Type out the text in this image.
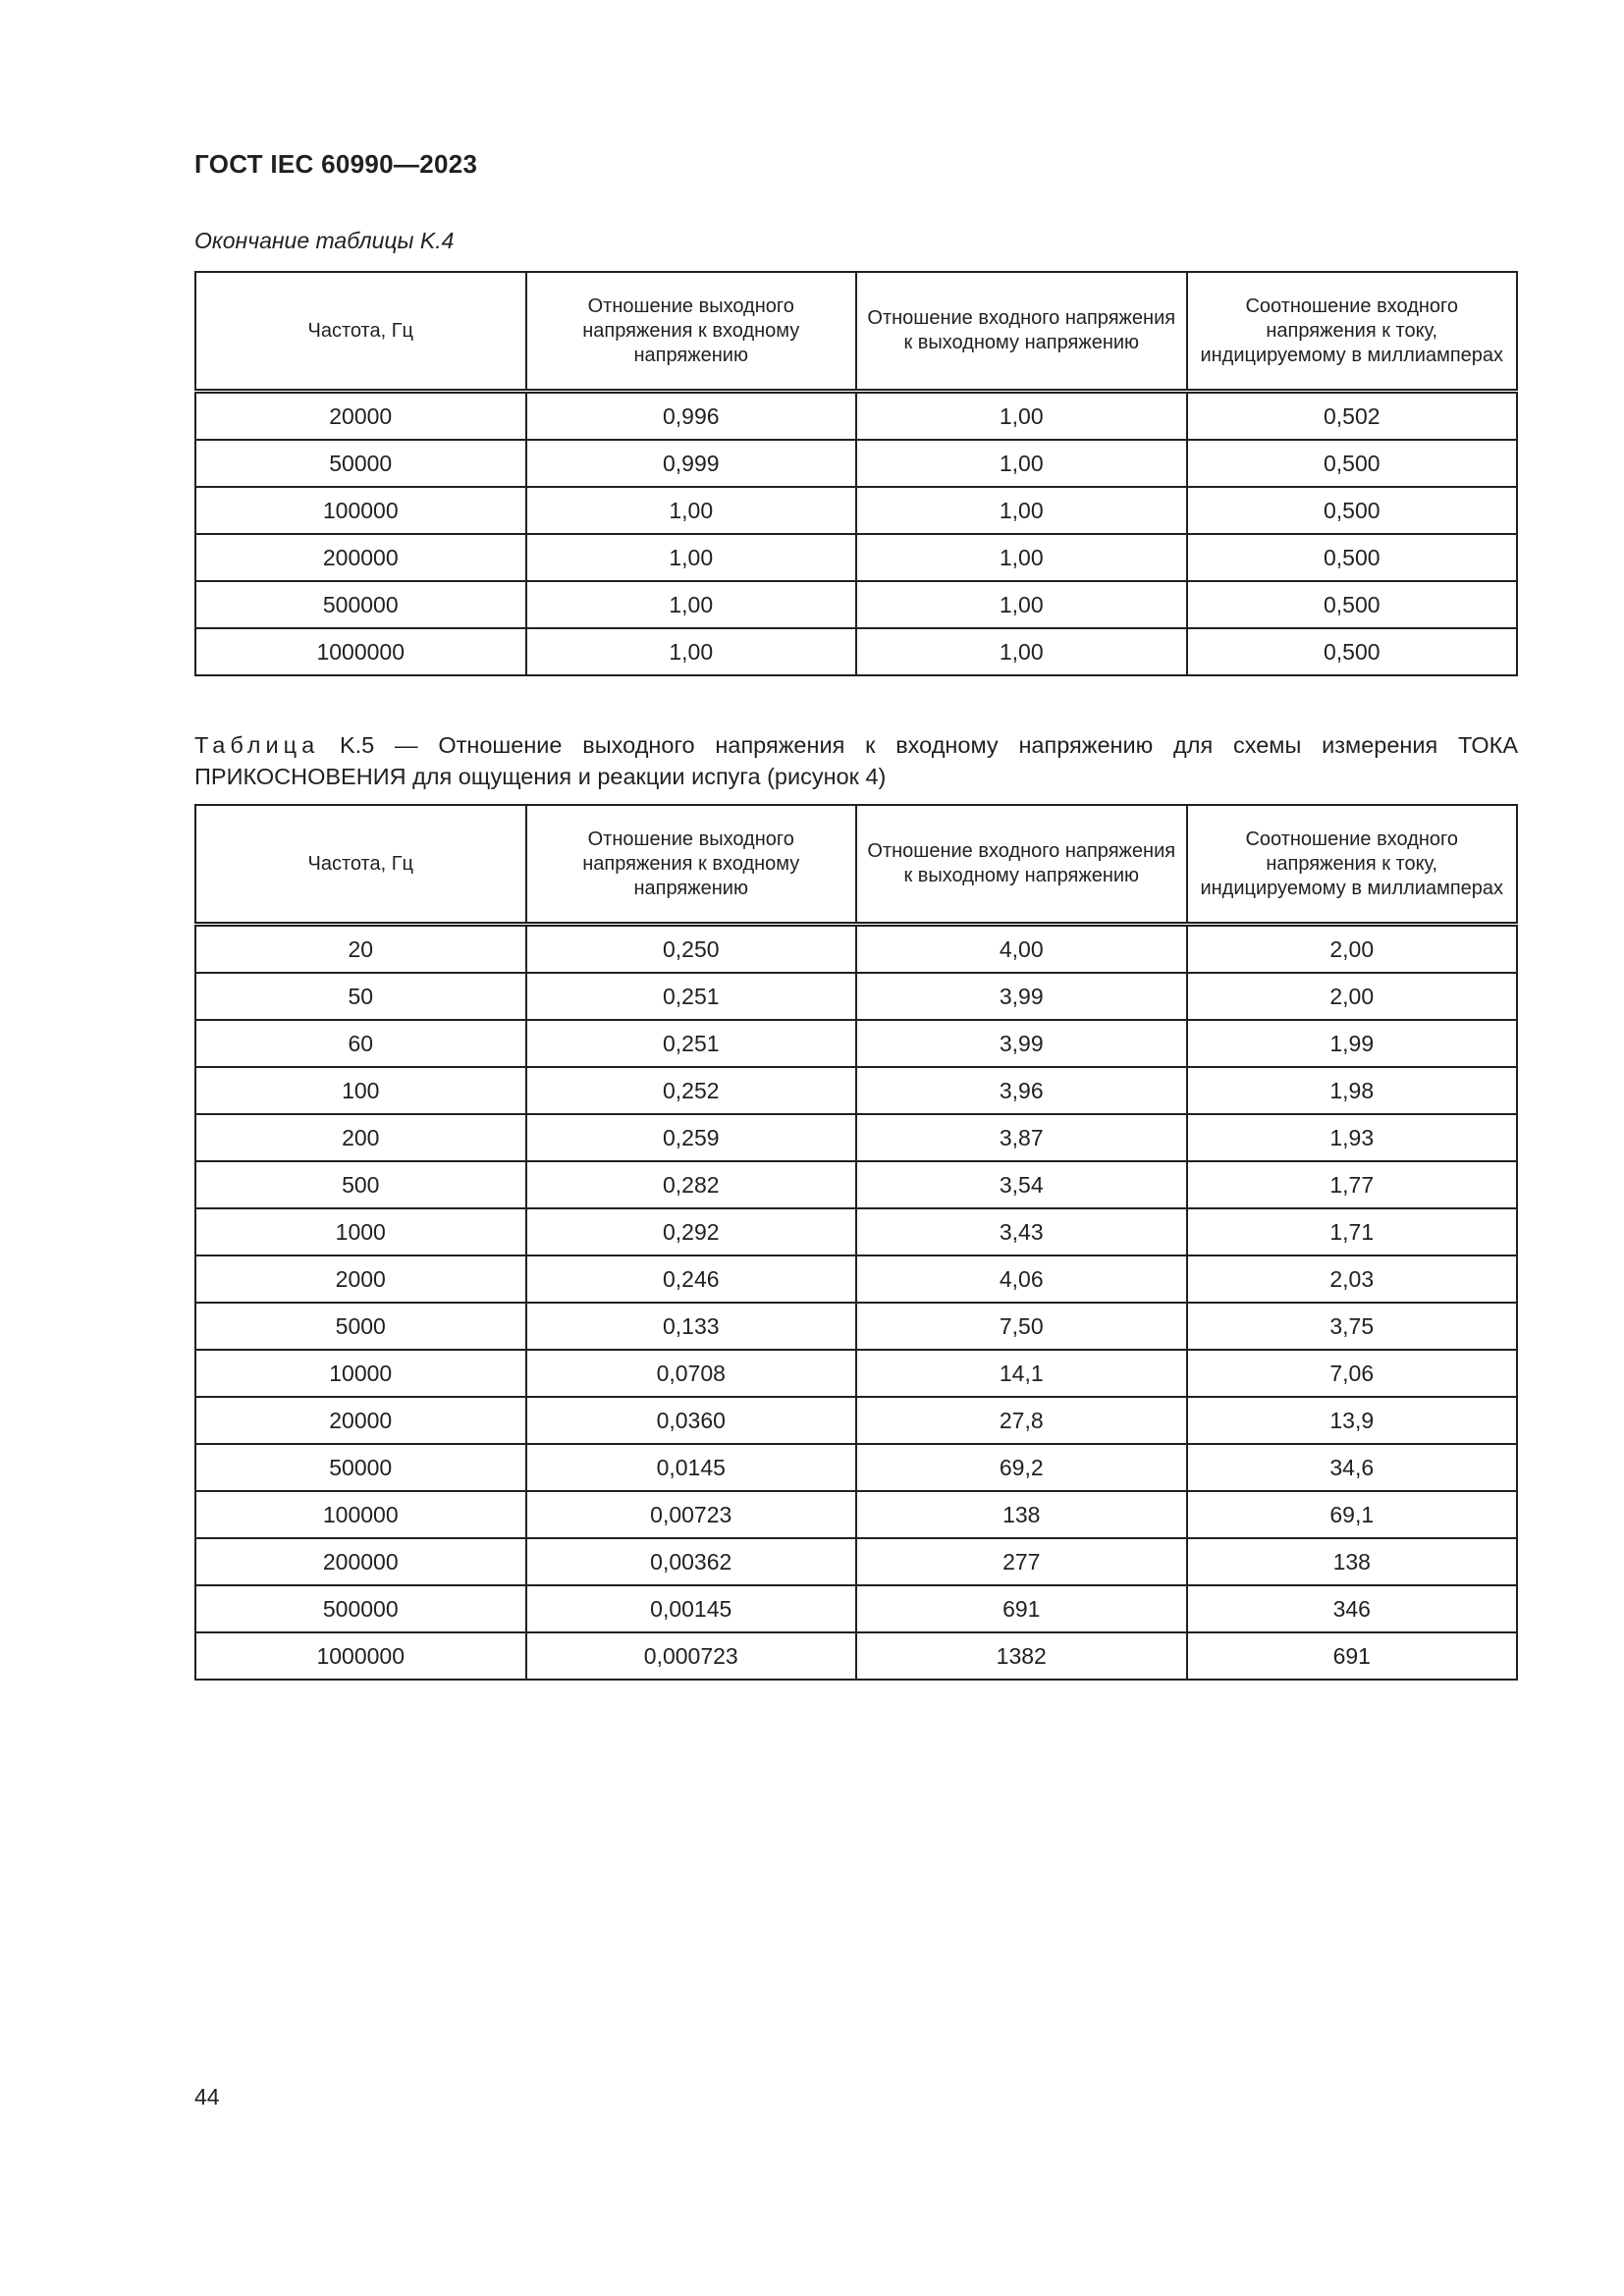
ГОСТ IEC 60990—2023
Окончание таблицы K.4
Частота, Гц	Отношение выходного напряжения к входному напряжению	Отношение входного напряжения к выходному напряжению	Соотношение входного напряжения к току, индицируемому в миллиамперах
20000	0,996	1,00	0,502
50000	0,999	1,00	0,500
100000	1,00	1,00	0,500
200000	1,00	1,00	0,500
500000	1,00	1,00	0,500
1000000	1,00	1,00	0,500
Таблица K.5 — Отношение выходного напряжения к входному напряжению для схемы измерения ТОКА ПРИКОСНОВЕНИЯ для ощущения и реакции испуга (рисунок 4)
Частота, Гц	Отношение выходного напряжения к входному напряжению	Отношение входного напряжения к выходному напряжению	Соотношение входного напряжения к току, индицируемому в миллиамперах
20	0,250	4,00	2,00
50	0,251	3,99	2,00
60	0,251	3,99	1,99
100	0,252	3,96	1,98
200	0,259	3,87	1,93
500	0,282	3,54	1,77
1000	0,292	3,43	1,71
2000	0,246	4,06	2,03
5000	0,133	7,50	3,75
10000	0,0708	14,1	7,06
20000	0,0360	27,8	13,9
50000	0,0145	69,2	34,6
100000	0,00723	138	69,1
200000	0,00362	277	138
500000	0,00145	691	346
1000000	0,000723	1382	691
44
